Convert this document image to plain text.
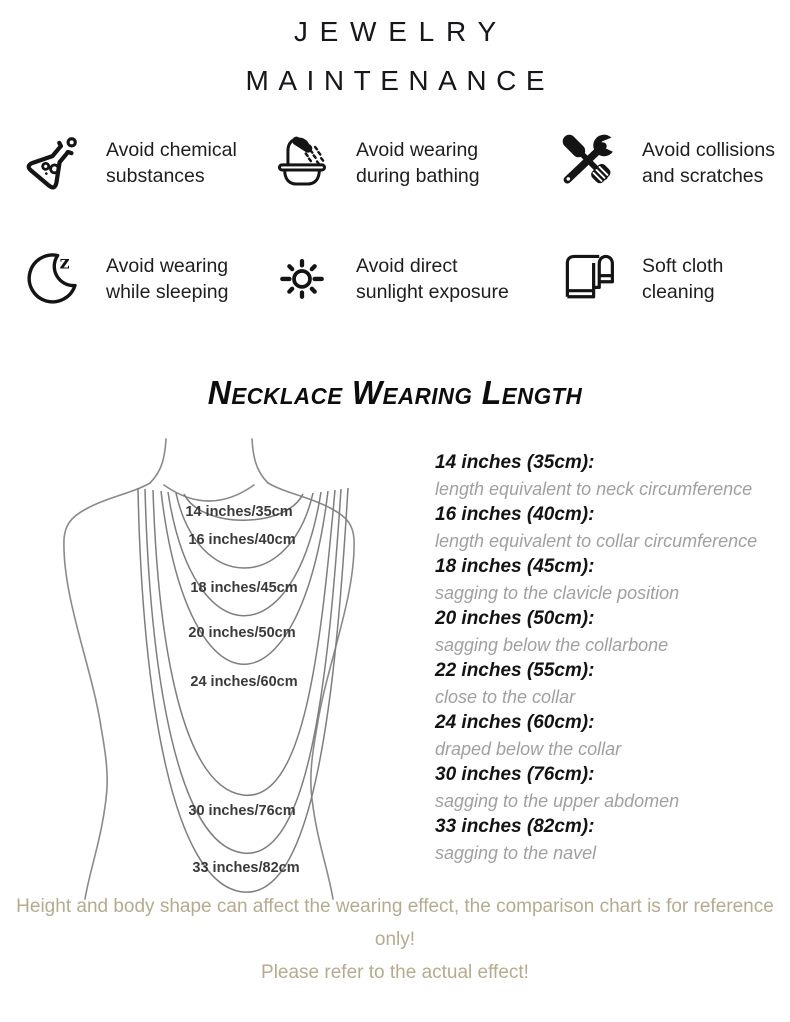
JEWELRY
MAINTENANCE
Avoid chemical
substances
Avoid wearing
during bathing
Avoid collisions
and scratches
z Avoid wearing
while sleeping
Avoid direct
sunlight exposure
Soft cloth
cleaning
Necklace Wearing Length
14 inches/35cm
16 inches/40cm
18 inches/45cm
20 inches/50cm
24 inches/60cm
30 inches/76cm
33 inches/82cm
14 inches (35cm):
length equivalent to neck circumference
16 inches (40cm):
length equivalent to collar circumference
18 inches (45cm):
sagging to the clavicle position
20 inches (50cm):
sagging below the collarbone
22 inches (55cm):
close to the collar
24 inches (60cm):
draped below the collar
30 inches (76cm):
sagging to the upper abdomen
33 inches (82cm):
sagging to the navel
Height and body shape can affect the wearing effect, the comparison chart is for reference only!
Please refer to the actual effect!
